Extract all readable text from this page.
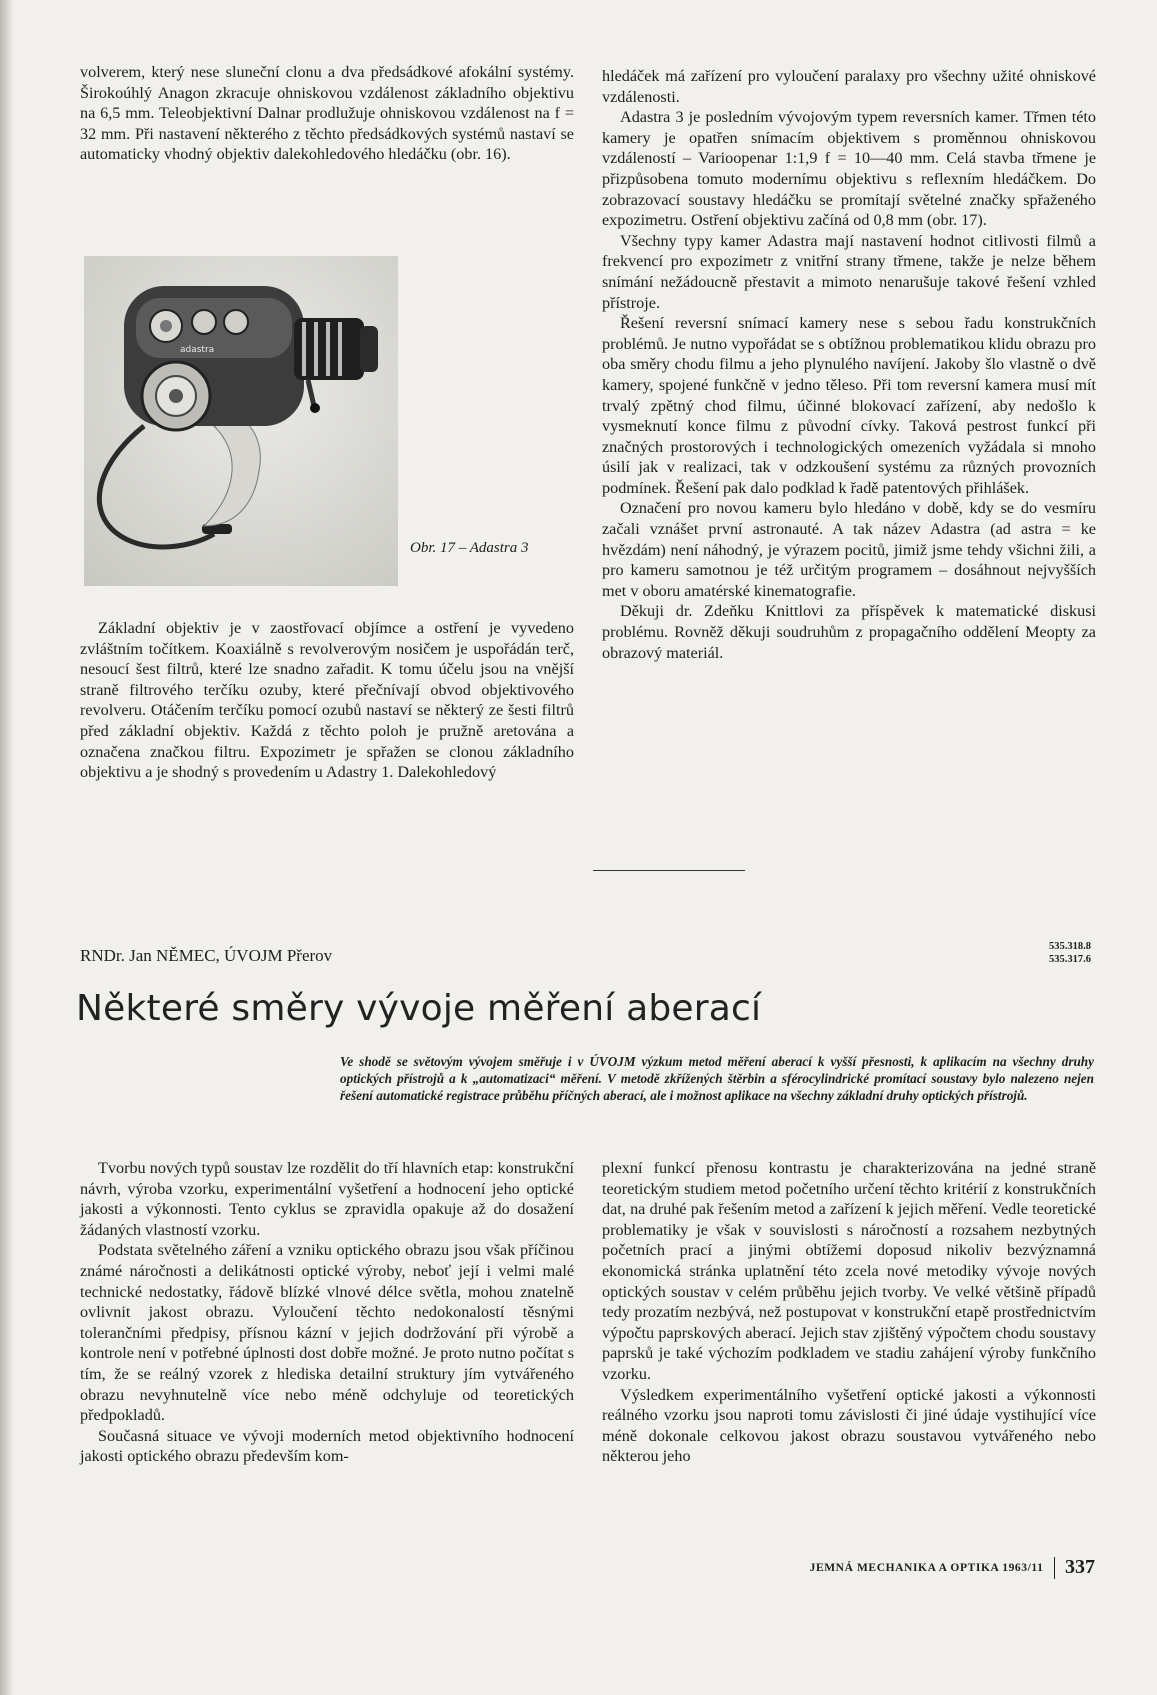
volverem, který nese sluneční clonu a dva předsádkové afokální systémy. Širokoúhlý Anagon zkracuje ohniskovou vzdálenost základního objektivu na 6,5 mm. Teleobjektivní Dalnar prodlužuje ohniskovou vzdálenost na f = 32 mm. Při nastavení některého z těchto předsádkových systémů nastaví se automaticky vhodný objektiv dalekohledového hledáčku (obr. 16).

adastra
Obr. 17 – Adastra 3

Základní objektiv je v zaostřovací objímce a ostření je vyvedeno zvláštním točítkem. Koaxiálně s revolverovým nosičem je uspořádán terč, nesoucí šest filtrů, které lze snadno zařadit. K tomu účelu jsou na vnější straně filtrového terčíku ozuby, které přečnívají obvod objektivového revolveru. Otáčením terčíku pomocí ozubů nastaví se některý ze šesti filtrů před základní objektiv. Každá z těchto poloh je pružně aretována a označena značkou filtru. Expozimetr je spřažen se clonou základního objektivu a je shodný s provedením u Adastry 1. Dalekohledový

hledáček má zařízení pro vyloučení paralaxy pro všechny užité ohniskové vzdálenosti.

Adastra 3 je posledním vývojovým typem reversních kamer. Třmen této kamery je opatřen snímacím objektivem s proměnnou ohniskovou vzdáleností – Varioopenar 1:1,9 f = 10—40 mm. Celá stavba třmene je přizpůsobena tomuto modernímu objektivu s reflexním hledáčkem. Do zobrazovací soustavy hledáčku se promítají světelné značky spřaženého expozimetru. Ostření objektivu začíná od 0,8 mm (obr. 17).

Všechny typy kamer Adastra mají nastavení hodnot citlivosti filmů a frekvencí pro expozimetr z vnitřní strany třmene, takže je nelze během snímání nežádoucně přestavit a mimoto nenarušuje takové řešení vzhled přístroje.

Řešení reversní snímací kamery nese s sebou řadu konstrukčních problémů. Je nutno vypořádat se s obtížnou problematikou klidu obrazu pro oba směry chodu filmu a jeho plynulého navíjení. Jakoby šlo vlastně o dvě kamery, spojené funkčně v jedno těleso. Při tom reversní kamera musí mít trvalý zpětný chod filmu, účinné blokovací zařízení, aby nedošlo k vysmeknutí konce filmu z původní cívky. Taková pestrost funkcí při značných prostorových i technologických omezeních vyžádala si mnoho úsilí jak v realizaci, tak v odzkoušení systému za různých provozních podmínek. Řešení pak dalo podklad k řadě patentových přihlášek.

Označení pro novou kameru bylo hledáno v době, kdy se do vesmíru začali vznášet první astronauté. A tak název Adastra (ad astra = ke hvězdám) není náhodný, je výrazem pocitů, jimiž jsme tehdy všichni žili, a pro kameru samotnou je též určitým programem – dosáhnout nejvyšších met v oboru amatérské kinematografie.

Děkuji dr. Zdeňku Knittlovi za příspěvek k matematické diskusi problému. Rovněž děkuji soudruhům z propagačního oddělení Meopty za obrazový materiál.

RNDr. Jan NĚMEC, ÚVOJM Přerov	535.318.8
535.317.6
Některé směry vývoje měření aberací

Ve shodě se světovým vývojem směřuje i v ÚVOJM výzkum metod měření aberací k vyšší přesnosti, k aplikacím na všechny druhy optických přístrojů a k „automatizaci“ měření. V metodě zkřížených štěrbin a sférocylindrické promítací soustavy bylo nalezeno nejen řešení automatické registrace průběhu příčných aberací, ale i možnost aplikace na všechny základní druhy optických přístrojů.

Tvorbu nových typů soustav lze rozdělit do tří hlavních etap: konstrukční návrh, výroba vzorku, experimentální vyšetření a hodnocení jeho optické jakosti a výkonnosti. Tento cyklus se zpravidla opakuje až do dosažení žádaných vlastností vzorku.

Podstata světelného záření a vzniku optického obrazu jsou však příčinou známé náročnosti a delikátnosti optické výroby, neboť její i velmi malé technické nedostatky, řádově blízké vlnové délce světla, mohou znatelně ovlivnit jakost obrazu. Vyloučení těchto nedokonalostí těsnými tolerančními předpisy, přísnou kázní v jejich dodržování při výrobě a kontrole není v potřebné úplnosti dost dobře možné. Je proto nutno počítat s tím, že se reálný vzorek z hlediska detailní struktury jím vytvářeného obrazu nevyhnutelně více nebo méně odchyluje od teoretických předpokladů.

Současná situace ve vývoji moderních metod objektivního hodnocení jakosti optického obrazu především kom-

plexní funkcí přenosu kontrastu je charakterizována na jedné straně teoretickým studiem metod početního určení těchto kritérií z konstrukčních dat, na druhé pak řešením metod a zařízení k jejich měření. Vedle teoretické problematiky je však v souvislosti s náročností a rozsahem nezbytných početních prací a jinými obtížemi doposud nikoliv bezvýznamná ekonomická stránka uplatnění této zcela nové metodiky vývoje nových optických soustav v celém průběhu jejich tvorby. Ve velké většině případů tedy prozatím nezbývá, než postupovat v konstrukční etapě prostřednictvím výpočtu paprskových aberací. Jejich stav zjištěný výpočtem chodu soustavy paprsků je také výchozím podkladem ve stadiu zahájení výroby funkčního vzorku.

Výsledkem experimentálního vyšetření optické jakosti a výkonnosti reálného vzorku jsou naproti tomu závislosti či jiné údaje vystihující více méně dokonale celkovou jakost obrazu soustavou vytvářeného nebo některou jeho

JEMNÁ MECHANIKA A OPTIKA 1963/11 337
